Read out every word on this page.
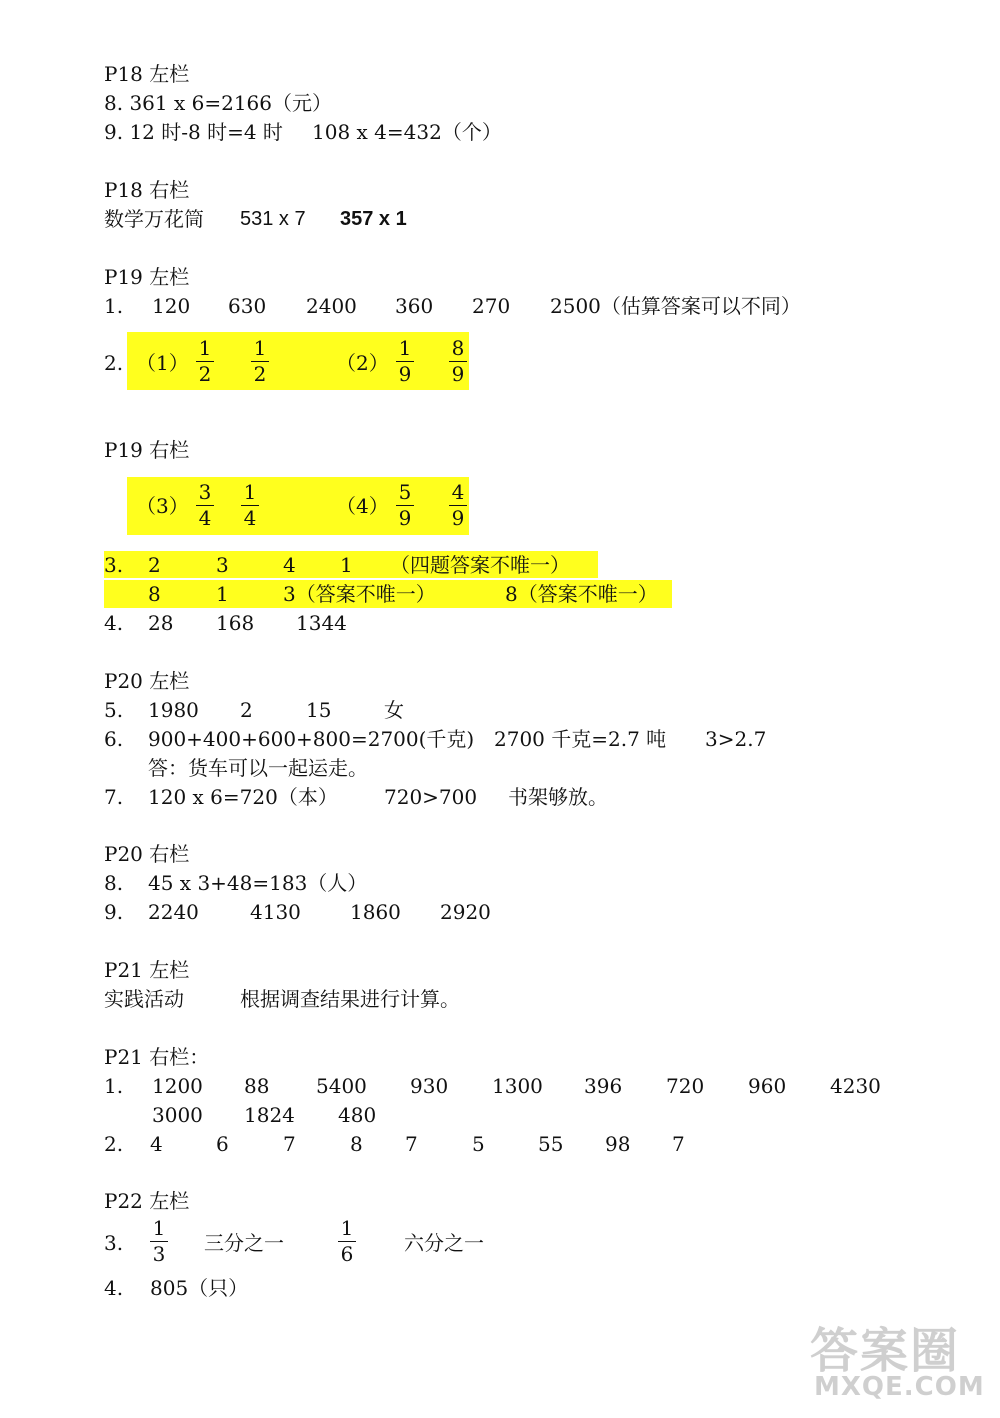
P18 左栏
8. 361 x 6=2166（元）
9. 12 时-8 时=4 时 108 x 4=432（个）
P18 右栏
数学万花筒 531 x 7 357 x 1
P19 左栏
1. 120 630 2400 360 270 2500（估算答案可以不同）
2. （1）
1
2
1
2	（2）
1
9
8
9
P19 右栏
（3）
3
4
1
4	（4）
5
9
4
9
3. 2	3	4 1 （四题答案不唯一）
8	1	3（答案不唯一）	8（答案不唯一）
4. 28 168 1344
P20 左栏
5. 1980 2	15	女
6. 900+400+600+800=2700(千克) 2700 千克=2.7 吨 3>2.7
答：货车可以一起运走。
7. 120 x 6=720（本） 720>700 书架够放。
P20 右栏
8. 45 x 3+48=183（人）
9. 2240	4130 1860 2920
P21 左栏
实践活动	根据调查结果进行计算。
P21 右栏：
1. 1200 88 5400 930 1300 396 720 960 4230
3000 1824 480
2. 4	6	7	8 7	5	55 98 7
P22 左栏
3.
1
3 三分之一
1
6	六分之一
4. 805（只）
答案圈
MXQE.COM
